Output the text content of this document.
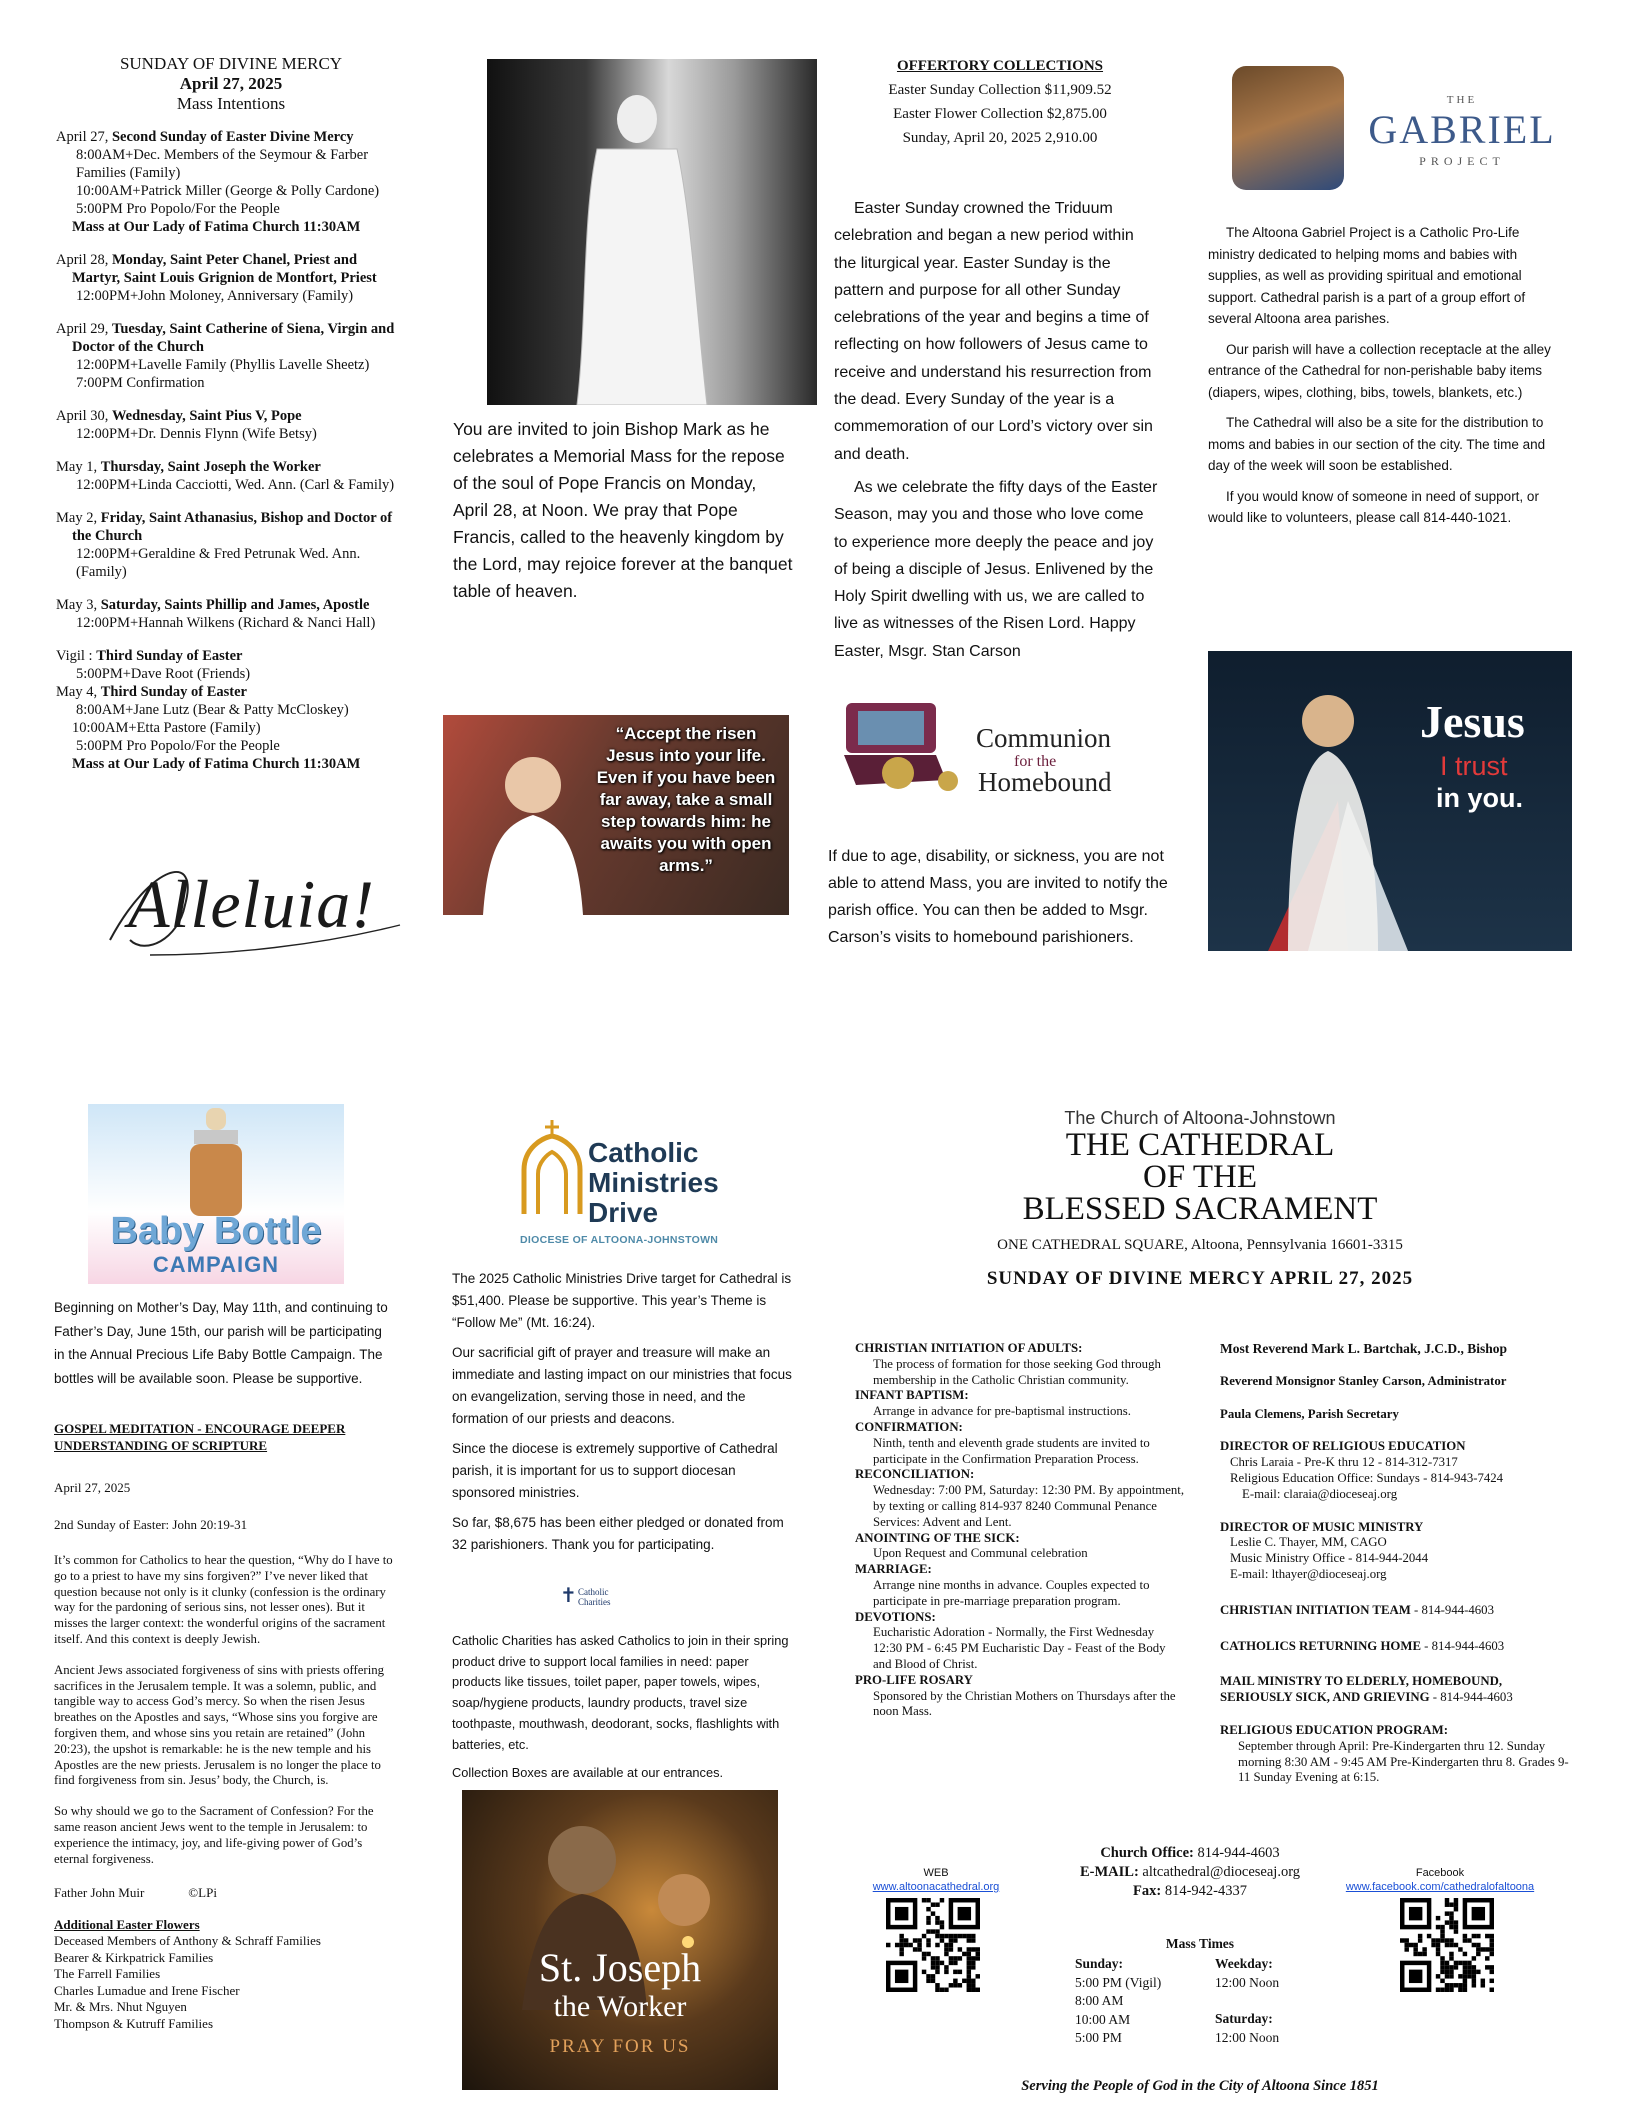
SUNDAY OF DIVINE MERCY
April 27, 2025
Mass Intentions
April 27, Second Sunday of Easter Divine Mercy
8:00AM+Dec. Members of the Seymour & Farber Families (Family)
10:00AM+Patrick Miller (George & Polly Cardone)
5:00PM Pro Popolo/For the People
Mass at Our Lady of Fatima Church 11:30AM
April 28, Monday, Saint Peter Chanel, Priest and Martyr, Saint Louis Grignion de Montfort, Priest
12:00PM+John Moloney, Anniversary (Family)
April 29, Tuesday, Saint Catherine of Siena, Virgin and Doctor of the Church
12:00PM+Lavelle Family (Phyllis Lavelle Sheetz)
7:00PM Confirmation
April 30, Wednesday, Saint Pius V, Pope
12:00PM+Dr. Dennis Flynn (Wife Betsy)
May 1, Thursday, Saint Joseph the Worker
12:00PM+Linda Cacciotti, Wed. Ann. (Carl & Family)
May 2, Friday, Saint Athanasius, Bishop and Doctor of the Church
12:00PM+Geraldine & Fred Petrunak Wed. Ann. (Family)
May 3, Saturday, Saints Phillip and James, Apostle
12:00PM+Hannah Wilkens (Richard & Nanci Hall)
Vigil : Third Sunday of Easter
5:00PM+Dave Root (Friends)
May 4, Third Sunday of Easter
8:00AM+Jane Lutz (Bear & Patty McCloskey)
10:00AM+Etta Pastore (Family)
5:00PM Pro Popolo/For the People
Mass at Our Lady of Fatima Church 11:30AM
Alleluia!
You are invited to join Bishop Mark as he celebrates a Memorial Mass for the repose of the soul of Pope Francis on Monday, April 28, at Noon. We pray that Pope Francis, called to the heavenly kingdom by the Lord, may rejoice forever at the banquet table of heaven.
“Accept the risen Jesus into your life. Even if you have been far away, take a small step towards him: he awaits you with open arms.”
OFFERTORY COLLECTIONS
Easter Sunday Collection $11,909.52
Easter Flower Collection $2,875.00
Sunday, April 20, 2025 2,910.00
Easter Sunday crowned the Triduum celebration and began a new period within the liturgical year. Easter Sunday is the pattern and purpose for all other Sunday celebrations of the year and begins a time of reflecting on how followers of Jesus came to receive and understand his resurrection from the dead. Every Sunday of the year is a commemoration of our Lord’s victory over sin and death.
As we celebrate the fifty days of the Easter Season, may you and those who love come to experience more deeply the peace and joy of being a disciple of Jesus. Enlivened by the Holy Spirit dwelling with us, we are called to live as witnesses of the Risen Lord. Happy Easter, Msgr. Stan Carson
Communion
for the
Homebound
If due to age, disability, or sickness, you are not able to attend Mass, you are invited to notify the parish office. You can then be added to Msgr. Carson’s visits to homebound parishioners.
THE
GABRIEL
PROJECT
The Altoona Gabriel Project is a Catholic Pro-Life ministry dedicated to helping moms and babies with supplies, as well as providing spiritual and emotional support. Cathedral parish is a part of a group effort of several Altoona area parishes.
Our parish will have a collection receptacle at the alley entrance of the Cathedral for non-perishable baby items (diapers, wipes, clothing, bibs, towels, blankets, etc.)
The Cathedral will also be a site for the distribution to moms and babies in our section of the city. The time and day of the week will soon be established.
If you would know of someone in need of support, or would like to volunteers, please call 814-440-1021.
Jesus
I trust
in you.
Baby Bottle
CAMPAIGN
Beginning on Mother’s Day, May 11th, and continuing to Father’s Day, June 15th, our parish will be participating in the Annual Precious Life Baby Bottle Campaign. The bottles will be available soon. Please be supportive.
GOSPEL MEDITATION - ENCOURAGE DEEPER UNDERSTANDING OF SCRIPTURE
April 27, 2025
2nd Sunday of Easter: John 20:19-31
It’s common for Catholics to hear the question, “Why do I have to go to a priest to have my sins forgiven?” I’ve never liked that question because not only is it clunky (confession is the ordinary way for the pardoning of serious sins, not lesser ones). But it misses the larger context: the wonderful origins of the sacrament itself. And this context is deeply Jewish.
Ancient Jews associated forgiveness of sins with priests offering sacrifices in the Jerusalem temple. It was a solemn, public, and tangible way to access God’s mercy. So when the risen Jesus breathes on the Apostles and says, “Whose sins you forgive are forgiven them, and whose sins you retain are retained” (John 20:23), the upshot is remarkable: he is the new temple and his Apostles are the new priests. Jerusalem is no longer the place to find forgiveness from sin. Jesus’ body, the Church, is.
So why should we go to the Sacrament of Confession? For the same reason ancient Jews went to the temple in Jerusalem: to experience the intimacy, joy, and life-giving power of God’s eternal forgiveness.
Father John Muir	©LPi
Additional Easter Flowers
Deceased Members of Anthony & Schraff Families
Bearer & Kirkpatrick Families
The Farrell Families
Charles Lumadue and Irene Fischer
Mr. & Mrs. Nhut Nguyen
Thompson & Kutruff Families
Catholic
Ministries
Drive
DIOCESE OF ALTOONA-JOHNSTOWN
The 2025 Catholic Ministries Drive target for Cathedral is $51,400. Please be supportive. This year’s Theme is “Follow Me” (Mt. 16:24).
Our sacrificial gift of prayer and treasure will make an immediate and lasting impact on our ministries that focus on evangelization, serving those in need, and the formation of our priests and deacons.
Since the diocese is extremely supportive of Cathedral parish, it is important for us to support diocesan sponsored ministries.
So far, $8,675 has been either pledged or donated from 32 parishioners. Thank you for participating.
✝ Catholic Charities
Catholic Charities has asked Catholics to join in their spring product drive to support local families in need: paper products like tissues, toilet paper, paper towels, wipes, soap/hygiene products, laundry products, travel size toothpaste, mouthwash, deodorant, socks, flashlights with batteries, etc.
Collection Boxes are available at our entrances.
St. Joseph
the Worker
PRAY FOR US
The Church of Altoona-Johnstown
THE CATHEDRAL
OF THE
BLESSED SACRAMENT
ONE CATHEDRAL SQUARE, Altoona, Pennsylvania 16601-3315
SUNDAY OF DIVINE MERCY APRIL 27, 2025
CHRISTIAN INITIATION OF ADULTS:
The process of formation for those seeking God through membership in the Catholic Christian community.
INFANT BAPTISM:
Arrange in advance for pre-baptismal instructions.
CONFIRMATION:
Ninth, tenth and eleventh grade students are invited to participate in the Confirmation Preparation Process.
RECONCILIATION:
Wednesday: 7:00 PM, Saturday: 12:30 PM. By appointment, by texting or calling 814-937 8240 Communal Penance Services: Advent and Lent.
ANOINTING OF THE SICK:
Upon Request and Communal celebration
MARRIAGE:
Arrange nine months in advance. Couples expected to participate in pre-marriage preparation program.
DEVOTIONS:
Eucharistic Adoration - Normally, the First Wednesday 12:30 PM - 6:45 PM Eucharistic Day - Feast of the Body and Blood of Christ.
PRO-LIFE ROSARY
Sponsored by the Christian Mothers on Thursdays after the noon Mass.
Most Reverend Mark L. Bartchak, J.C.D., Bishop
Reverend Monsignor Stanley Carson, Administrator
Paula Clemens, Parish Secretary
DIRECTOR OF RELIGIOUS EDUCATION
Chris Laraia - Pre-K thru 12 - 814-312-7317
Religious Education Office: Sundays - 814-943-7424
E-mail: claraia@dioceseaj.org
DIRECTOR OF MUSIC MINISTRY
Leslie C. Thayer, MM, CAGO
Music Ministry Office - 814-944-2044
E-mail: lthayer@dioceseaj.org
CHRISTIAN INITIATION TEAM - 814-944-4603
CATHOLICS RETURNING HOME - 814-944-4603
MAIL MINISTRY TO ELDERLY, HOMEBOUND, SERIOUSLY SICK, AND GRIEVING - 814-944-4603
RELIGIOUS EDUCATION PROGRAM:
September through April: Pre-Kindergarten thru 12. Sunday morning 8:30 AM - 9:45 AM Pre-Kindergarten thru 8. Grades 9-11 Sunday Evening at 6:15.
Church Office: 814-944-4603
E-MAIL: altcathedral@dioceseaj.org
Fax: 814-942-4337
WEB
www.altoonacathedral.org
Facebook
www.facebook.com/cathedralofaltoona
Mass Times
Sunday:
5:00 PM (Vigil)
8:00 AM
10:00 AM
5:00 PM
Weekday:
12:00 Noon
Saturday:
12:00 Noon
Serving the People of God in the City of Altoona Since 1851
